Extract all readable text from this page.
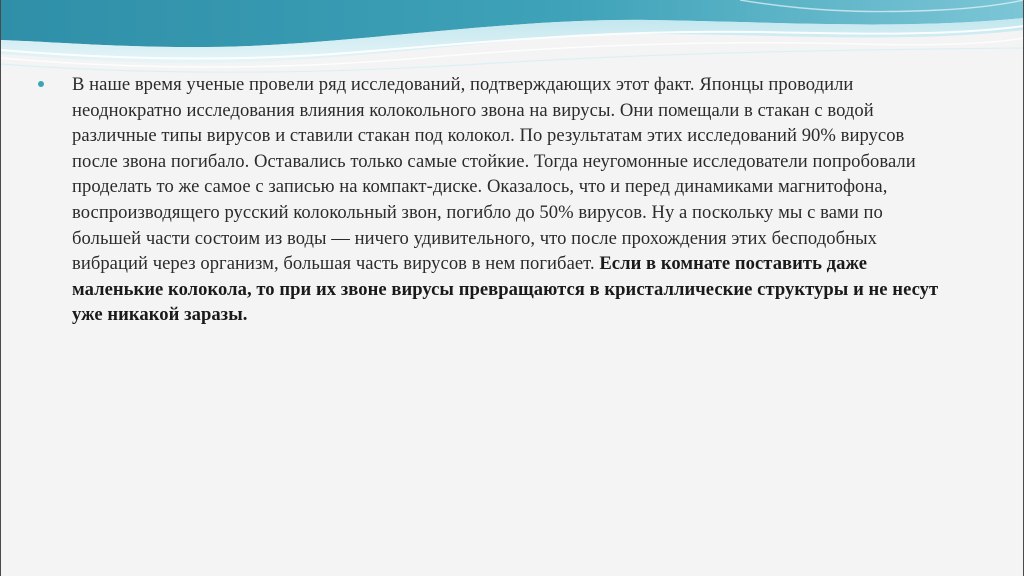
В наше время ученые провели ряд исследований, подтверждающих этот факт. Японцы проводили неоднократно исследования влияния колокольного звона на вирусы. Они помещали в стакан с водой различные типы вирусов и ставили стакан под колокол. По результатам этих исследований 90% вирусов после звона погибало. Оставались только самые стойкие. Тогда неугомонные исследователи попробовали проделать то же самое с записью на компакт-диске. Оказалось, что и перед динамиками магнитофона, воспроизводящего русский колокольный звон, погибло до 50% вирусов. Ну а поскольку мы с вами по большей части состоим из воды — ничего удивительного, что после прохождения этих бесподобных вибраций через организм, большая часть вирусов в нем погибает. Если в комнате поставить даже маленькие колокола, то при их звоне вирусы превращаются в кристаллические структуры и не несут уже никакой заразы.
